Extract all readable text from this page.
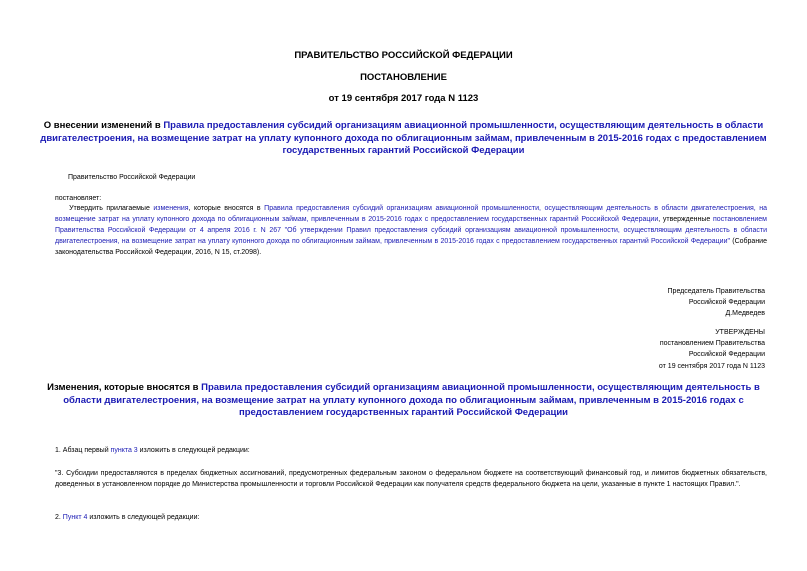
ПРАВИТЕЛЬСТВО РОССИЙСКОЙ ФЕДЕРАЦИИ
ПОСТАНОВЛЕНИЕ
от 19 сентября 2017 года N 1123
О внесении изменений в Правила предоставления субсидий организациям авиационной промышленности, осуществляющим деятельность в области двигателестроения, на возмещение затрат на уплату купонного дохода по облигационным займам, привлеченным в 2015-2016 годах с предоставлением государственных гарантий Российской Федерации
Правительство Российской Федерации
постановляет:
Утвердить прилагаемые изменения, которые вносятся в Правила предоставления субсидий организациям авиационной промышленности, осуществляющим деятельность в области двигателестроения, на возмещение затрат на уплату купонного дохода по облигационным займам, привлеченным в 2015-2016 годах с предоставлением государственных гарантий Российской Федерации, утвержденные постановлением Правительства Российской Федерации от 4 апреля 2016 г. N 267 "Об утверждении Правил предоставления субсидий организациям авиационной промышленности, осуществляющим деятельность в области двигателестроения, на возмещение затрат на уплату купонного дохода по облигационным займам, привлеченным в 2015-2016 годах с предоставлением государственных гарантий Российской Федерации" (Собрание законодательства Российской Федерации, 2016, N 15, ст.2098).
Председатель Правительства
Российской Федерации
Д.Медведев
УТВЕРЖДЕНЫ
постановлением Правительства
Российской Федерации
от 19 сентября 2017 года N 1123
Изменения, которые вносятся в Правила предоставления субсидий организациям авиационной промышленности, осуществляющим деятельность в области двигателестроения, на возмещение затрат на уплату купонного дохода по облигационным займам, привлеченным в 2015-2016 годах с предоставлением государственных гарантий Российской Федерации
1. Абзац первый пункта 3 изложить в следующей редакции:
"3. Субсидии предоставляются в пределах бюджетных ассигнований, предусмотренных федеральным законом о федеральном бюджете на соответствующий финансовый год, и лимитов бюджетных обязательств, доведенных в установленном порядке до Министерства промышленности и торговли Российской Федерации как получателя средств федерального бюджета на цели, указанные в пункте 1 настоящих Правил.".
2. Пункт 4 изложить в следующей редакции:
